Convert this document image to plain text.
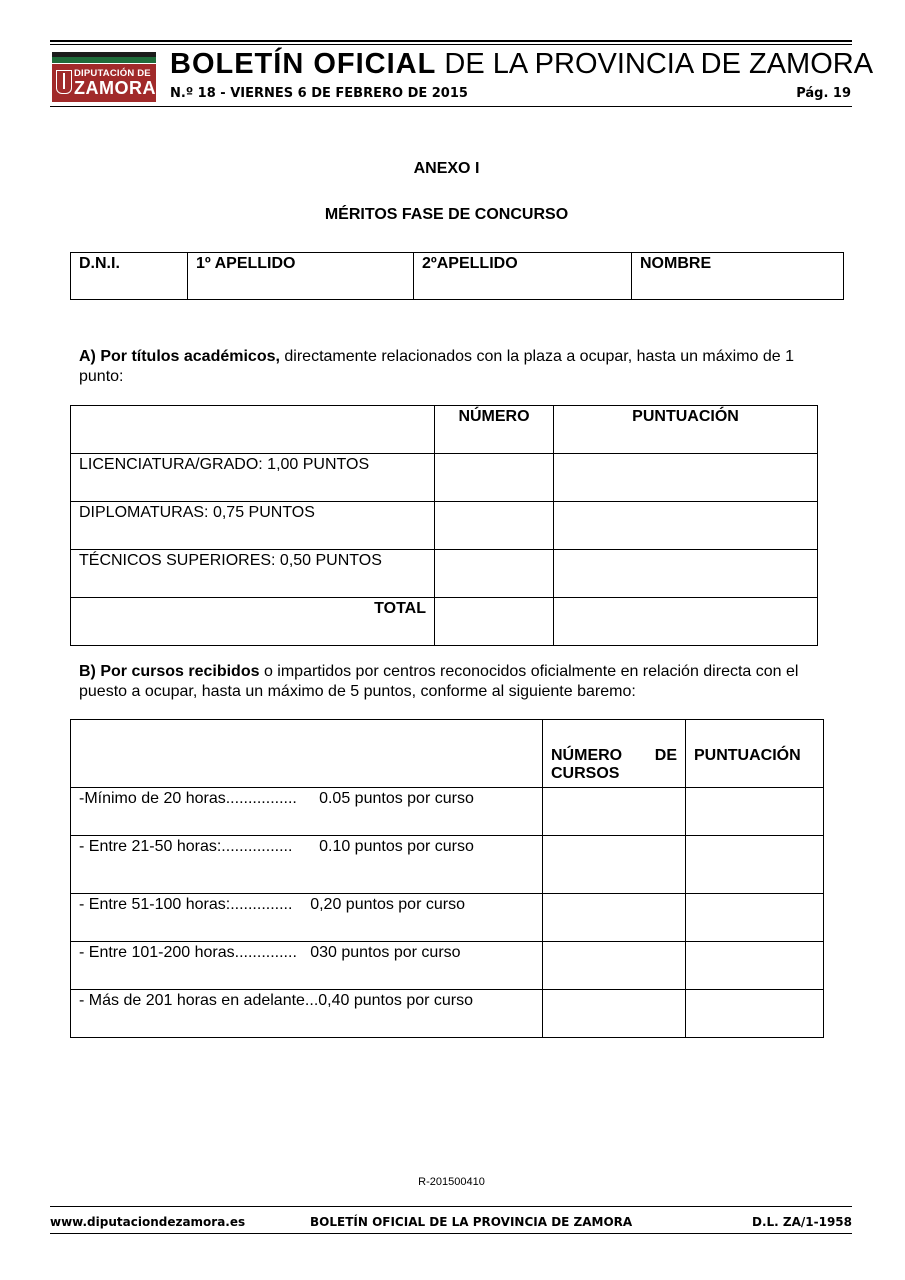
DIPUTACIÓN DE
ZAMORA
BOLETÍN OFICIAL DE LA PROVINCIA DE ZAMORA
N.º 18 - VIERNES 6 DE FEBRERO DE 2015	Pág. 19
ANEXO I
MÉRITOS FASE DE CONCURSO
D.N.I.	1º APELLIDO	2ºAPELLIDO	NOMBRE
A) Por títulos académicos, directamente relacionados con la plaza a ocupar, hasta un máximo de 1 punto:
	NÚMERO	PUNTUACIÓN
LICENCIATURA/GRADO: 1,00 PUNTOS		
DIPLOMATURAS: 0,75 PUNTOS		
TÉCNICOS SUPERIORES: 0,50 PUNTOS		
TOTAL		
B) Por cursos recibidos o impartidos por centros reconocidos oficialmente en relación directa con el puesto a ocupar, hasta un máximo de 5 puntos, conforme al siguiente baremo:
	NÚMERO DE CURSOS	PUNTUACIÓN
-Mínimo de 20 horas................     0.05 puntos por curso		
- Entre 21-50 horas:................      0.10 puntos por curso		
- Entre 51-100 horas:..............    0,20 puntos por curso		
- Entre 101-200 horas..............   030 puntos por curso		
- Más de 201 horas en adelante...0,40 puntos por curso		
R-201500410
www.diputaciondezamora.es	BOLETÍN OFICIAL DE LA PROVINCIA DE ZAMORA	D.L. ZA/1-1958
